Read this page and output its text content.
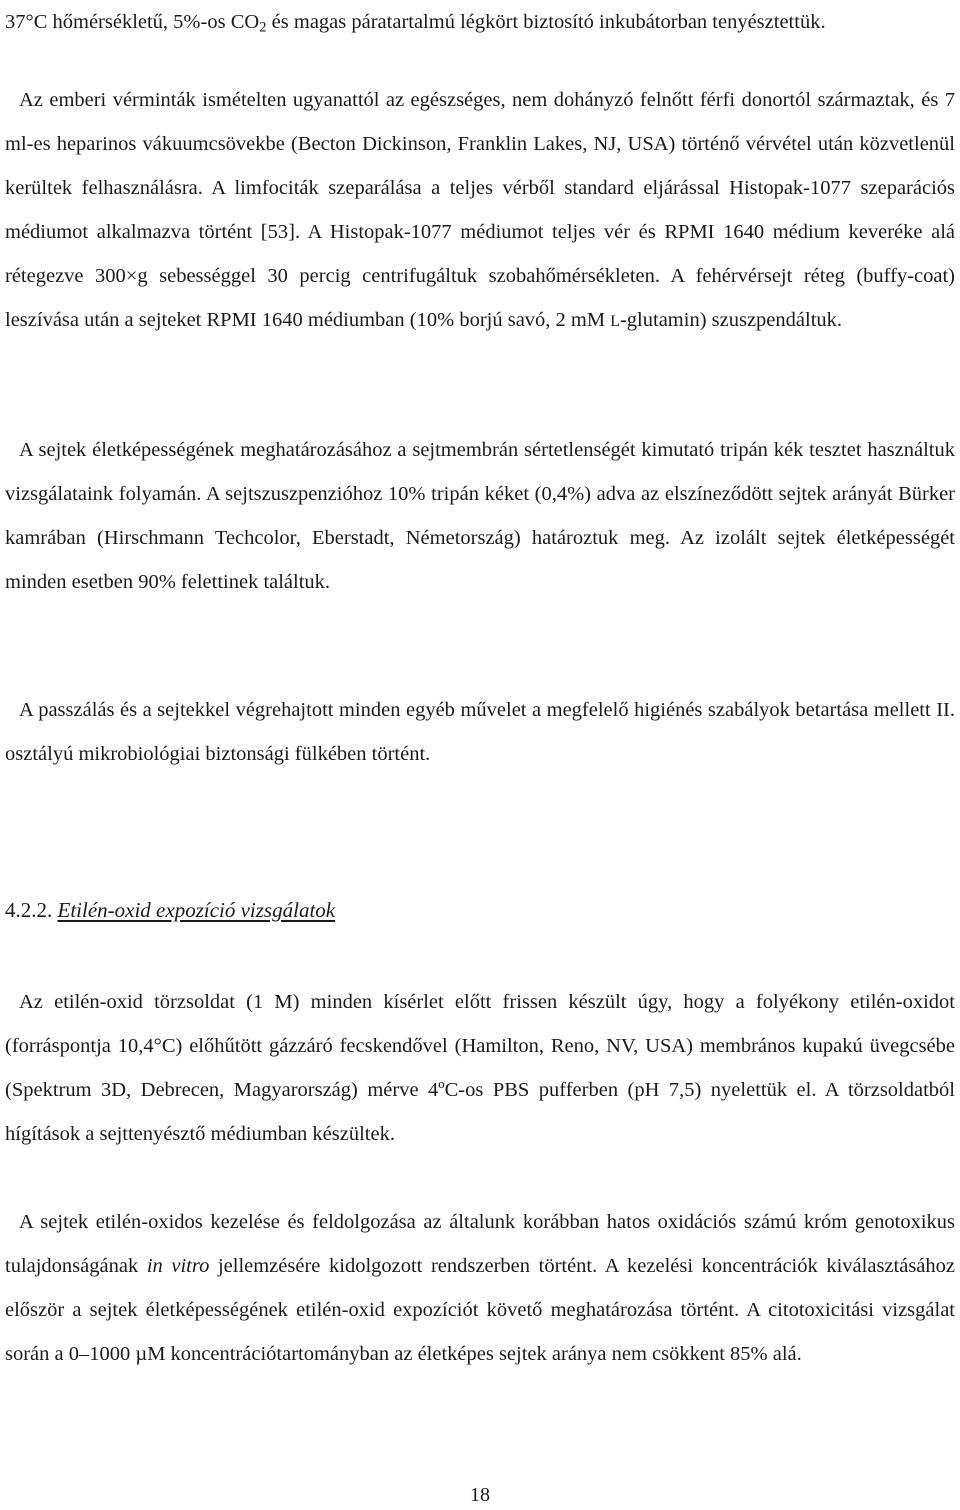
37°C hőmérsékletű, 5%-os $CO_2$ és magas páratartalmú légkört biztosító inkubátorban tenyésztettük.

Az emberi vérminták ismételten ugyanattól az egészséges, nem dohányzó felnőtt férfi donortól származtak, és 7 ml-es heparinos vákuumcsövekbe (Becton Dickinson, Franklin Lakes, NJ, USA) történő vérvétel után közvetlenül kerültek felhasználásra. A limfociták szeparálása a teljes vérből standard eljárással Histopak-1077 szeparációs médiumot alkalmazva történt [53]. A Histopak-1077 médiumot teljes vér és RPMI 1640 médium keveréke alá rétegezve 300×g sebességgel 30 percig centrifugáltuk szobahőmérsékleten. A fehérvérsejt réteg (buffy-coat) leszívása után a sejteket RPMI 1640 médiumban (10% borjú savó, 2 mM L-glutamin) szuszpendáltuk.

A sejtek életképességének meghatározásához a sejtmembrán sértetlenségét kimutató tripán kék tesztet használtuk vizsgálataink folyamán. A sejtszuszpenzióhoz 10% tripán kéket (0,4%) adva az elszíneződött sejtek arányát Bürker kamrában (Hirschmann Techcolor, Eberstadt, Németország) határoztuk meg. Az izolált sejtek életképességét minden esetben 90% felettinek találtuk.

A passzálás és a sejtekkel végrehajtott minden egyéb művelet a megfelelő higiénés szabályok betartása mellett II. osztályú mikrobiológiai biztonsági fülkében történt.

4.2.2. Etilén-oxid expozíció vizsgálatok

Az etilén-oxid törzsoldat (1 M) minden kísérlet előtt frissen készült úgy, hogy a folyékony etilén-oxidot (forráspontja 10,4°C) előhűtött gázzáró fecskendővel (Hamilton, Reno, NV, USA) membrános kupakú üvegcsébe (Spektrum 3D, Debrecen, Magyarország) mérve 4ºC-os PBS pufferben (pH 7,5) nyelettük el. A törzsoldatból hígítások a sejttenyésztő médiumban készültek.

A sejtek etilén-oxidos kezelése és feldolgozása az általunk korábban hatos oxidációs számú króm genotoxikus tulajdonságának in vitro jellemzésére kidolgozott rendszerben történt. A kezelési koncentrációk kiválasztásához először a sejtek életképességének etilén-oxid expozíciót követő meghatározása történt. A citotoxicitási vizsgálat során a 0–1000 µM koncentrációtartományban az életképes sejtek aránya nem csökkent 85% alá.

18
